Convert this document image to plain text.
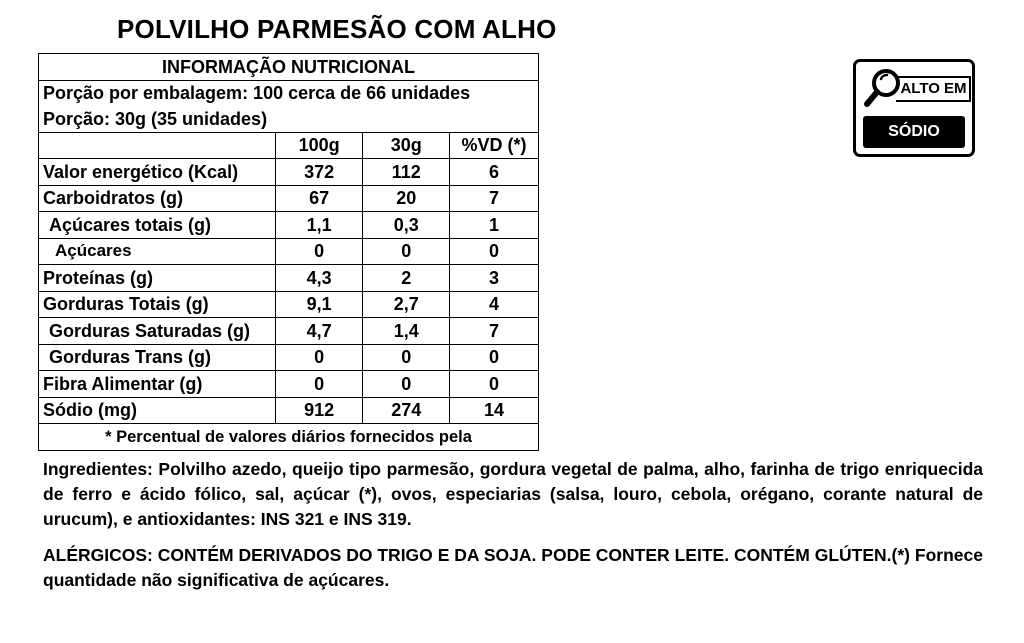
POLVILHO PARMESÃO COM ALHO
INFORMAÇÃO NUTRICIONAL			
Porção por embalagem: 100 cerca de 66 unidades			
Porção: 30g (35 unidades)			
	100g	30g	%VD (*)
Valor energético (Kcal)	372	112	6
Carboidratos (g)	67	20	7
Açúcares totais (g)	1,1	0,3	1
Açúcares	0	0	0
Proteínas (g)	4,3	2	3
Gorduras Totais (g)	9,1	2,7	4
Gorduras Saturadas (g)	4,7	1,4	7
Gorduras Trans (g)	0	0	0
Fibra Alimentar (g)	0	0	0
Sódio (mg)	912	274	14
* Percentual de valores diários fornecidos pela			
ALTO EM
SÓDIO
Ingredientes: Polvilho azedo, queijo tipo parmesão, gordura vegetal de palma, alho, farinha de trigo enriquecida de ferro e ácido fólico, sal, açúcar (*), ovos, especiarias (salsa, louro, cebola, orégano, corante natural de urucum), e antioxidantes: INS 321 e INS 319.
ALÉRGICOS: CONTÉM DERIVADOS DO TRIGO E DA SOJA. PODE CONTER LEITE. CONTÉM GLÚTEN.(*) Fornece quantidade não significativa de açúcares.
